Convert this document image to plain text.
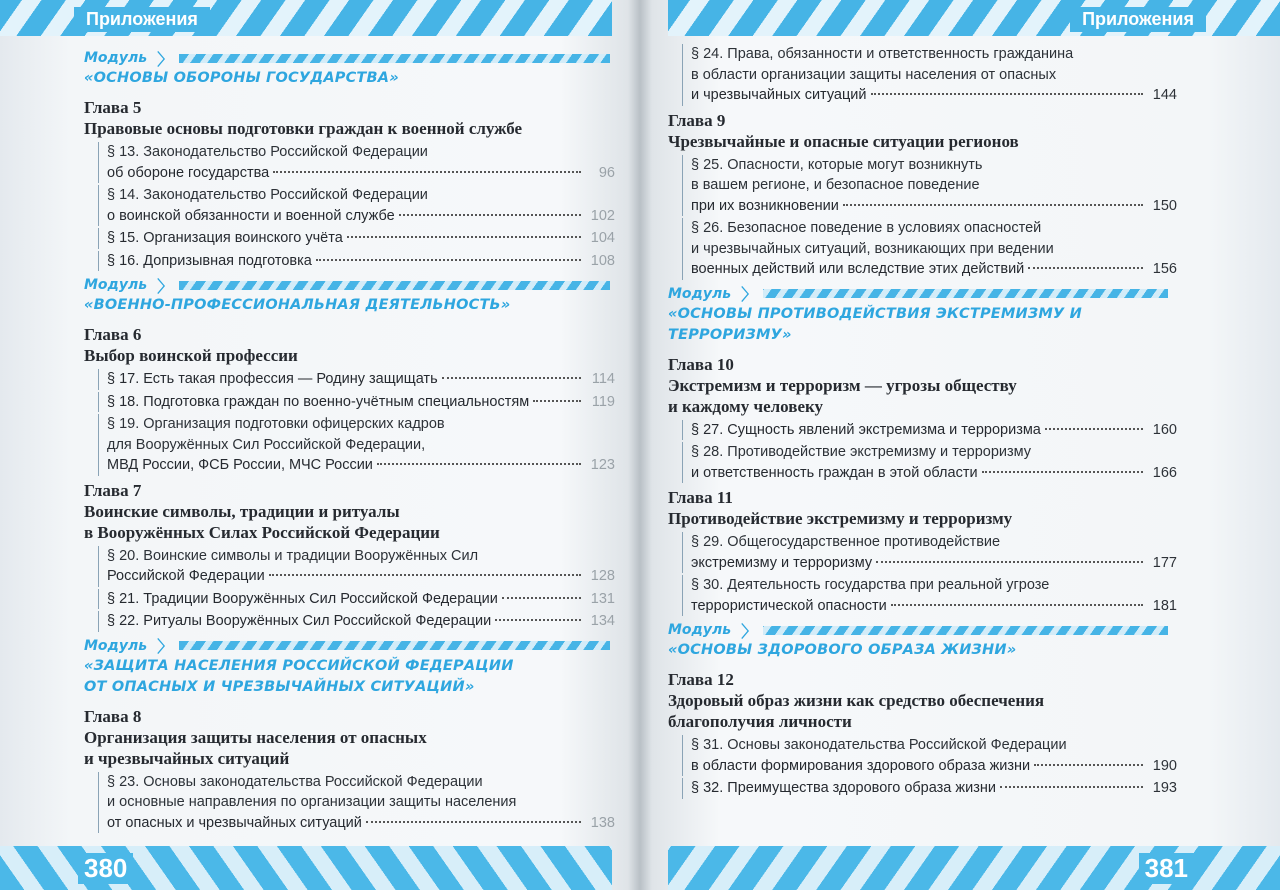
Приложения	Приложения
Модуль 〉
«ОСНОВЫ ОБОРОНЫ ГОСУДАРСТВА»
Глава 5
Правовые основы подготовки граждан к военной службе
§ 13. Законодательство Российской Федерации
об обороне государства	96
§ 14. Законодательство Российской Федерации
о воинской обязанности и военной службе	102
§ 15. Организация воинского учёта	104
§ 16. Допризывная подготовка	108
Модуль 〉
«ВОЕННО-ПРОФЕССИОНАЛЬНАЯ ДЕЯТЕЛЬНОСТЬ»
Глава 6
Выбор воинской профессии
§ 17. Есть такая профессия — Родину защищать	114
§ 18. Подготовка граждан по военно-учётным специальностям	119
§ 19. Организация подготовки офицерских кадров
для Вооружённых Сил Российской Федерации,
МВД России, ФСБ России, МЧС России	123
Глава 7
Воинские символы, традиции и ритуалы
в Вооружённых Силах Российской Федерации
§ 20. Воинские символы и традиции Вооружённых Сил
Российской Федерации	128
§ 21. Традиции Вооружённых Сил Российской Федерации	131
§ 22. Ритуалы Вооружённых Сил Российской Федерации	134
Модуль 〉
«ЗАЩИТА НАСЕЛЕНИЯ РОССИЙСКОЙ ФЕДЕРАЦИИ
ОТ ОПАСНЫХ И ЧРЕЗВЫЧАЙНЫХ СИТУАЦИЙ»
Глава 8
Организация защиты населения от опасных
и чрезвычайных ситуаций
§ 23. Основы законодательства Российской Федерации
и основные направления по организации защиты населения
от опасных и чрезвычайных ситуаций	138
§ 24. Права, обязанности и ответственность гражданина
в области организации защиты населения от опасных
и чрезвычайных ситуаций	144
Глава 9
Чрезвычайные и опасные ситуации регионов
§ 25. Опасности, которые могут возникнуть
в вашем регионе, и безопасное поведение
при их возникновении	150
§ 26. Безопасное поведение в условиях опасностей
и чрезвычайных ситуаций, возникающих при ведении
военных действий или вследствие этих действий	156
Модуль 〉
«ОСНОВЫ ПРОТИВОДЕЙСТВИЯ ЭКСТРЕМИЗМУ И ТЕРРОРИЗМУ»
Глава 10
Экстремизм и терроризм — угрозы обществу
и каждому человеку
§ 27. Сущность явлений экстремизма и терроризма	160
§ 28. Противодействие экстремизму и терроризму
и ответственность граждан в этой области	166
Глава 11
Противодействие экстремизму и терроризму
§ 29. Общегосударственное противодействие
экстремизму и терроризму	177
§ 30. Деятельность государства при реальной угрозе
террористической опасности	181
Модуль 〉
«ОСНОВЫ ЗДОРОВОГО ОБРАЗА ЖИЗНИ»
Глава 12
Здоровый образ жизни как средство обеспечения
благополучия личности
§ 31. Основы законодательства Российской Федерации
в области формирования здорового образа жизни	190
§ 32. Преимущества здорового образа жизни	193
380	381
